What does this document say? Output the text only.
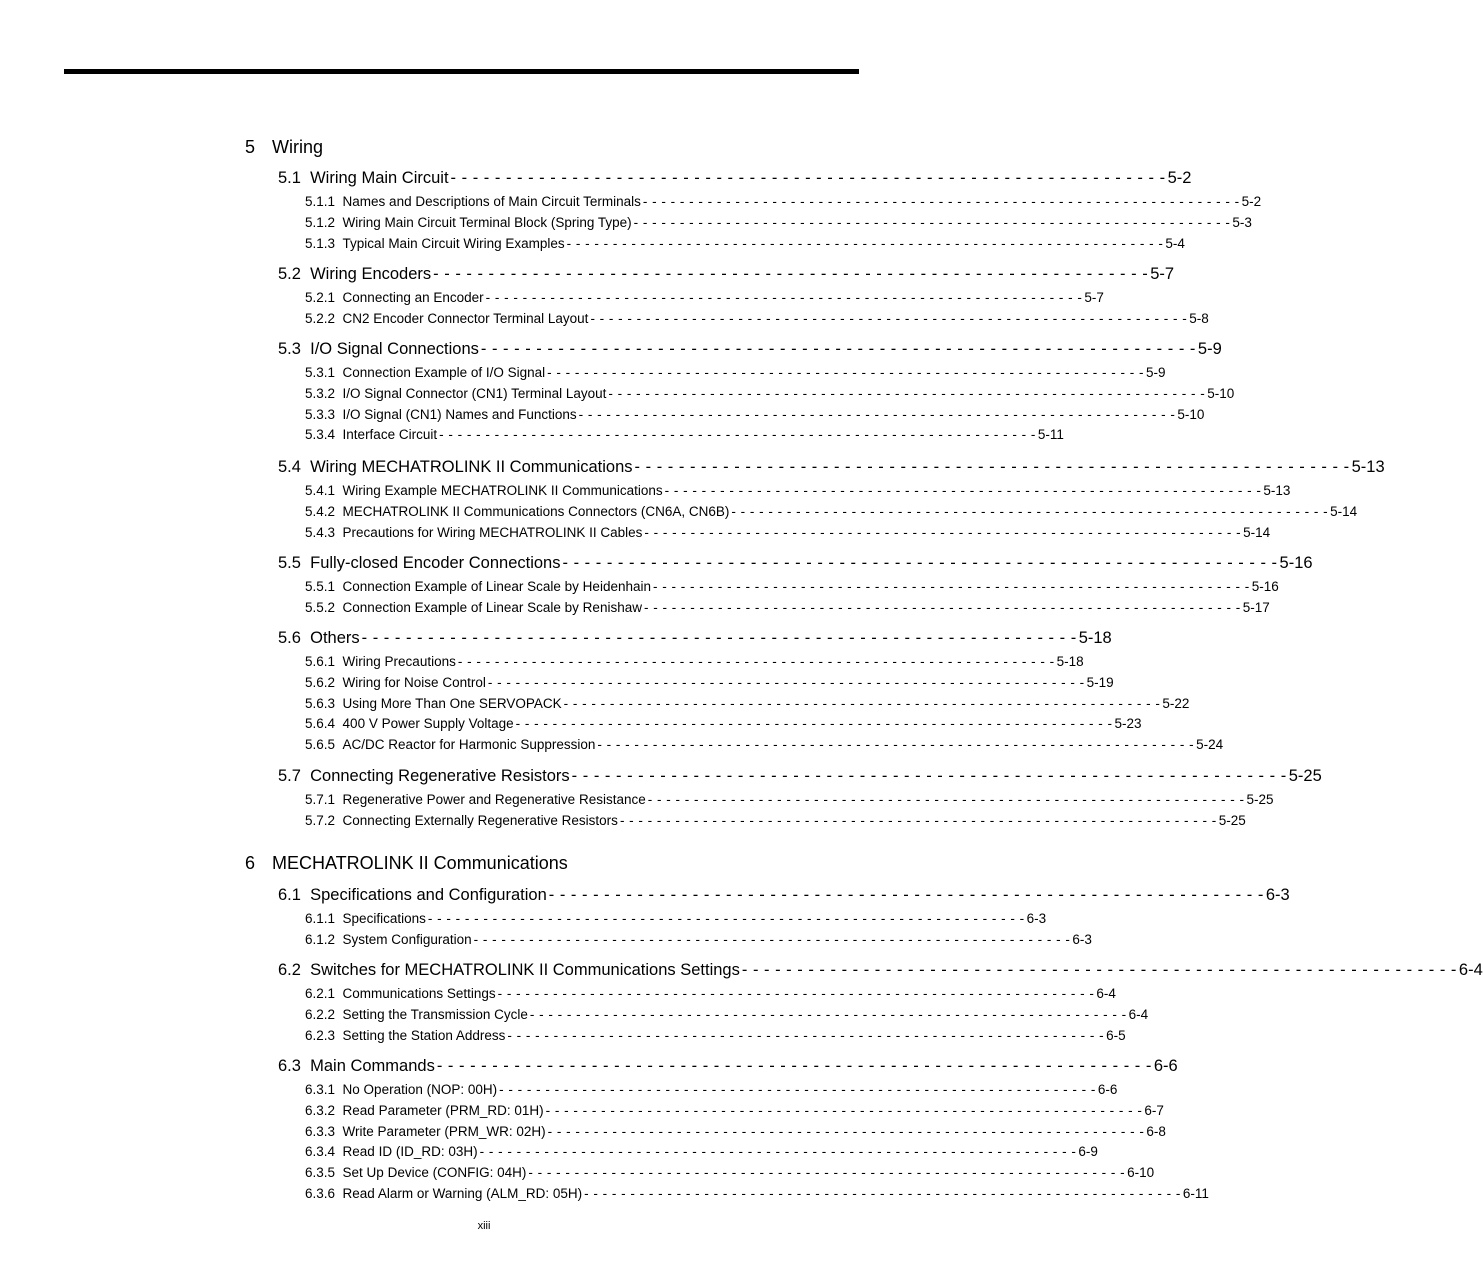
5 Wiring
5.1 Wiring Main Circuit - - - - - - - - - - - - - - - - - - - - - - - - - - - - - - - - - - - - - - - - - - - - - - - - - - - - - - - - - - - - - - - - - 5-2
5.1.1 Names and Descriptions of Main Circuit Terminals - - - - - - - - - - - - - - - - - - - - - - - - - - - - - - - - - - - - - - - - - - - - - - - - - - - - - - - - - - - - - - - - - 5-2
5.1.2 Wiring Main Circuit Terminal Block (Spring Type) - - - - - - - - - - - - - - - - - - - - - - - - - - - - - - - - - - - - - - - - - - - - - - - - - - - - - - - - - - - - - - - - - 5-3
5.1.3 Typical Main Circuit Wiring Examples - - - - - - - - - - - - - - - - - - - - - - - - - - - - - - - - - - - - - - - - - - - - - - - - - - - - - - - - - - - - - - - - - 5-4
5.2 Wiring Encoders - - - - - - - - - - - - - - - - - - - - - - - - - - - - - - - - - - - - - - - - - - - - - - - - - - - - - - - - - - - - - - - - - 5-7
5.2.1 Connecting an Encoder - - - - - - - - - - - - - - - - - - - - - - - - - - - - - - - - - - - - - - - - - - - - - - - - - - - - - - - - - - - - - - - - - 5-7
5.2.2 CN2 Encoder Connector Terminal Layout - - - - - - - - - - - - - - - - - - - - - - - - - - - - - - - - - - - - - - - - - - - - - - - - - - - - - - - - - - - - - - - - - 5-8
5.3 I/O Signal Connections - - - - - - - - - - - - - - - - - - - - - - - - - - - - - - - - - - - - - - - - - - - - - - - - - - - - - - - - - - - - - - - - - 5-9
5.3.1 Connection Example of I/O Signal - - - - - - - - - - - - - - - - - - - - - - - - - - - - - - - - - - - - - - - - - - - - - - - - - - - - - - - - - - - - - - - - - 5-9
5.3.2 I/O Signal Connector (CN1) Terminal Layout - - - - - - - - - - - - - - - - - - - - - - - - - - - - - - - - - - - - - - - - - - - - - - - - - - - - - - - - - - - - - - - - - 5-10
5.3.3 I/O Signal (CN1) Names and Functions - - - - - - - - - - - - - - - - - - - - - - - - - - - - - - - - - - - - - - - - - - - - - - - - - - - - - - - - - - - - - - - - - 5-10
5.3.4 Interface Circuit - - - - - - - - - - - - - - - - - - - - - - - - - - - - - - - - - - - - - - - - - - - - - - - - - - - - - - - - - - - - - - - - - 5-11
5.4 Wiring MECHATROLINK II Communications - - - - - - - - - - - - - - - - - - - - - - - - - - - - - - - - - - - - - - - - - - - - - - - - - - - - - - - - - - - - - - - - - 5-13
5.4.1 Wiring Example MECHATROLINK II Communications - - - - - - - - - - - - - - - - - - - - - - - - - - - - - - - - - - - - - - - - - - - - - - - - - - - - - - - - - - - - - - - - - 5-13
5.4.2 MECHATROLINK II Communications Connectors (CN6A, CN6B) - - - - - - - - - - - - - - - - - - - - - - - - - - - - - - - - - - - - - - - - - - - - - - - - - - - - - - - - - - - - - - - - - 5-14
5.4.3 Precautions for Wiring MECHATROLINK II Cables - - - - - - - - - - - - - - - - - - - - - - - - - - - - - - - - - - - - - - - - - - - - - - - - - - - - - - - - - - - - - - - - - 5-14
5.5 Fully-closed Encoder Connections - - - - - - - - - - - - - - - - - - - - - - - - - - - - - - - - - - - - - - - - - - - - - - - - - - - - - - - - - - - - - - - - - 5-16
5.5.1 Connection Example of Linear Scale by Heidenhain - - - - - - - - - - - - - - - - - - - - - - - - - - - - - - - - - - - - - - - - - - - - - - - - - - - - - - - - - - - - - - - - - 5-16
5.5.2 Connection Example of Linear Scale by Renishaw - - - - - - - - - - - - - - - - - - - - - - - - - - - - - - - - - - - - - - - - - - - - - - - - - - - - - - - - - - - - - - - - - 5-17
5.6 Others - - - - - - - - - - - - - - - - - - - - - - - - - - - - - - - - - - - - - - - - - - - - - - - - - - - - - - - - - - - - - - - - - 5-18
5.6.1 Wiring Precautions - - - - - - - - - - - - - - - - - - - - - - - - - - - - - - - - - - - - - - - - - - - - - - - - - - - - - - - - - - - - - - - - - 5-18
5.6.2 Wiring for Noise Control - - - - - - - - - - - - - - - - - - - - - - - - - - - - - - - - - - - - - - - - - - - - - - - - - - - - - - - - - - - - - - - - - 5-19
5.6.3 Using More Than One SERVOPACK - - - - - - - - - - - - - - - - - - - - - - - - - - - - - - - - - - - - - - - - - - - - - - - - - - - - - - - - - - - - - - - - - 5-22
5.6.4 400 V Power Supply Voltage - - - - - - - - - - - - - - - - - - - - - - - - - - - - - - - - - - - - - - - - - - - - - - - - - - - - - - - - - - - - - - - - - 5-23
5.6.5 AC/DC Reactor for Harmonic Suppression - - - - - - - - - - - - - - - - - - - - - - - - - - - - - - - - - - - - - - - - - - - - - - - - - - - - - - - - - - - - - - - - - 5-24
5.7 Connecting Regenerative Resistors - - - - - - - - - - - - - - - - - - - - - - - - - - - - - - - - - - - - - - - - - - - - - - - - - - - - - - - - - - - - - - - - - 5-25
5.7.1 Regenerative Power and Regenerative Resistance - - - - - - - - - - - - - - - - - - - - - - - - - - - - - - - - - - - - - - - - - - - - - - - - - - - - - - - - - - - - - - - - - 5-25
5.7.2 Connecting Externally Regenerative Resistors - - - - - - - - - - - - - - - - - - - - - - - - - - - - - - - - - - - - - - - - - - - - - - - - - - - - - - - - - - - - - - - - - 5-25
6 MECHATROLINK II Communications
6.1 Specifications and Configuration - - - - - - - - - - - - - - - - - - - - - - - - - - - - - - - - - - - - - - - - - - - - - - - - - - - - - - - - - - - - - - - - - 6-3
6.1.1 Specifications - - - - - - - - - - - - - - - - - - - - - - - - - - - - - - - - - - - - - - - - - - - - - - - - - - - - - - - - - - - - - - - - - 6-3
6.1.2 System Configuration - - - - - - - - - - - - - - - - - - - - - - - - - - - - - - - - - - - - - - - - - - - - - - - - - - - - - - - - - - - - - - - - - 6-3
6.2 Switches for MECHATROLINK II Communications Settings - - - - - - - - - - - - - - - - - - - - - - - - - - - - - - - - - - - - - - - - - - - - - - - - - - - - - - - - - - - - - - - - - 6-4
6.2.1 Communications Settings - - - - - - - - - - - - - - - - - - - - - - - - - - - - - - - - - - - - - - - - - - - - - - - - - - - - - - - - - - - - - - - - - 6-4
6.2.2 Setting the Transmission Cycle - - - - - - - - - - - - - - - - - - - - - - - - - - - - - - - - - - - - - - - - - - - - - - - - - - - - - - - - - - - - - - - - - 6-4
6.2.3 Setting the Station Address - - - - - - - - - - - - - - - - - - - - - - - - - - - - - - - - - - - - - - - - - - - - - - - - - - - - - - - - - - - - - - - - - 6-5
6.3 Main Commands - - - - - - - - - - - - - - - - - - - - - - - - - - - - - - - - - - - - - - - - - - - - - - - - - - - - - - - - - - - - - - - - - 6-6
6.3.1 No Operation (NOP: 00H) - - - - - - - - - - - - - - - - - - - - - - - - - - - - - - - - - - - - - - - - - - - - - - - - - - - - - - - - - - - - - - - - - 6-6
6.3.2 Read Parameter (PRM_RD: 01H) - - - - - - - - - - - - - - - - - - - - - - - - - - - - - - - - - - - - - - - - - - - - - - - - - - - - - - - - - - - - - - - - - 6-7
6.3.3 Write Parameter (PRM_WR: 02H) - - - - - - - - - - - - - - - - - - - - - - - - - - - - - - - - - - - - - - - - - - - - - - - - - - - - - - - - - - - - - - - - - 6-8
6.3.4 Read ID (ID_RD: 03H) - - - - - - - - - - - - - - - - - - - - - - - - - - - - - - - - - - - - - - - - - - - - - - - - - - - - - - - - - - - - - - - - - 6-9
6.3.5 Set Up Device (CONFIG: 04H) - - - - - - - - - - - - - - - - - - - - - - - - - - - - - - - - - - - - - - - - - - - - - - - - - - - - - - - - - - - - - - - - - 6-10
6.3.6 Read Alarm or Warning (ALM_RD: 05H) - - - - - - - - - - - - - - - - - - - - - - - - - - - - - - - - - - - - - - - - - - - - - - - - - - - - - - - - - - - - - - - - - 6-11
xiii
